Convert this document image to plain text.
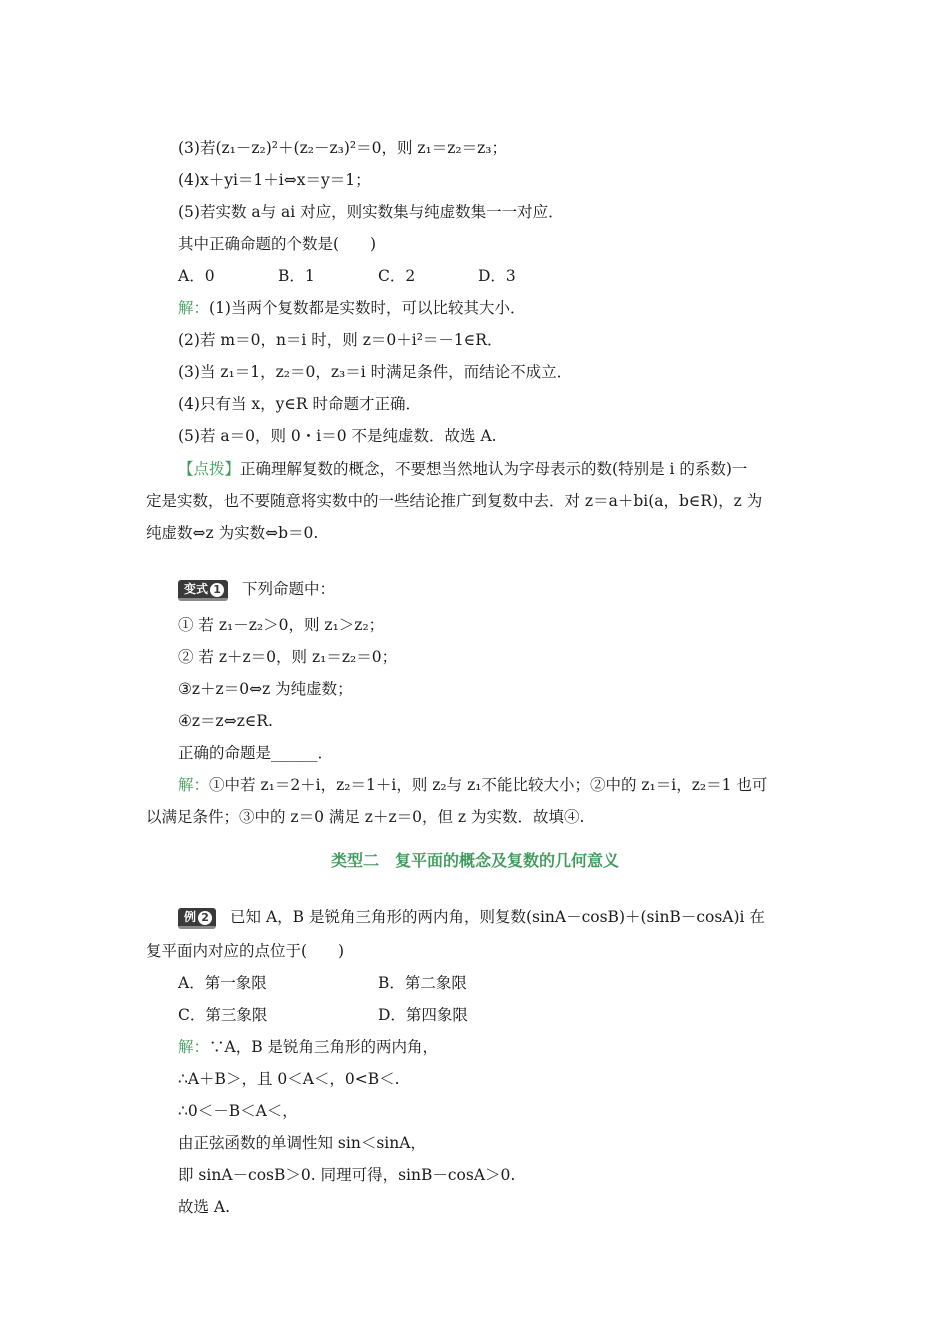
(3)若(z₁－z₂)²＋(z₂－z₃)²＝0，则 z₁＝z₂＝z₃；
(4)x＋yi＝1＋i⇔x＝y＝1；
(5)若实数 a与 ai 对应，则实数集与纯虚数集一一对应．
其中正确命题的个数是(　　)
A．0	B．1	C．2	D．3
解：(1)当两个复数都是实数时，可以比较其大小．
(2)若 m＝0，n＝i 时，则 z＝0＋i²＝－1∈R．
(3)当 z₁＝1，z₂＝0，z₃＝i 时满足条件，而结论不成立．
(4)只有当 x，y∈R 时命题才正确．
(5)若 a＝0，则 0・i＝0 不是纯虚数．故选 A.
【点拨】正确理解复数的概念，不要想当然地认为字母表示的数(特别是 i 的系数)一
定是实数，也不要随意将实数中的一些结论推广到复数中去．对 z＝a＋bi(a，b∈R)，z 为
纯虚数⇔z 为实数⇔b＝0.
变式 1 下列命题中：
① 若 z₁－z₂＞0，则 z₁＞z₂；
② 若 z＋z＝0，则 z₁＝z₂＝0；
③z＋z＝0⇔z 为纯虚数；
④z＝z⇔z∈R.
正确的命题是______．
解：①中若 z₁＝2＋i，z₂＝1＋i，则 z₂与 z₁不能比较大小；②中的 z₁＝i，z₂＝1 也可
以满足条件；③中的 z＝0 满足 z＋z＝0，但 z 为实数．故填④.
类型二　复平面的概念及复数的几何意义
例 2 已知 A，B 是锐角三角形的两内角，则复数(sinA－cosB)＋(sinB－cosA)i 在
复平面内对应的点位于(　　)
A．第一象限	B．第二象限
C．第三象限	D．第四象限
解：∵A，B 是锐角三角形的两内角，
∴A＋B＞，且 0＜A＜，0<B＜.
∴0＜－B＜A＜，
由正弦函数的单调性知 sin＜sinA，
即 sinA－cosB＞0. 同理可得，sinB－cosA＞0.
故选 A.
